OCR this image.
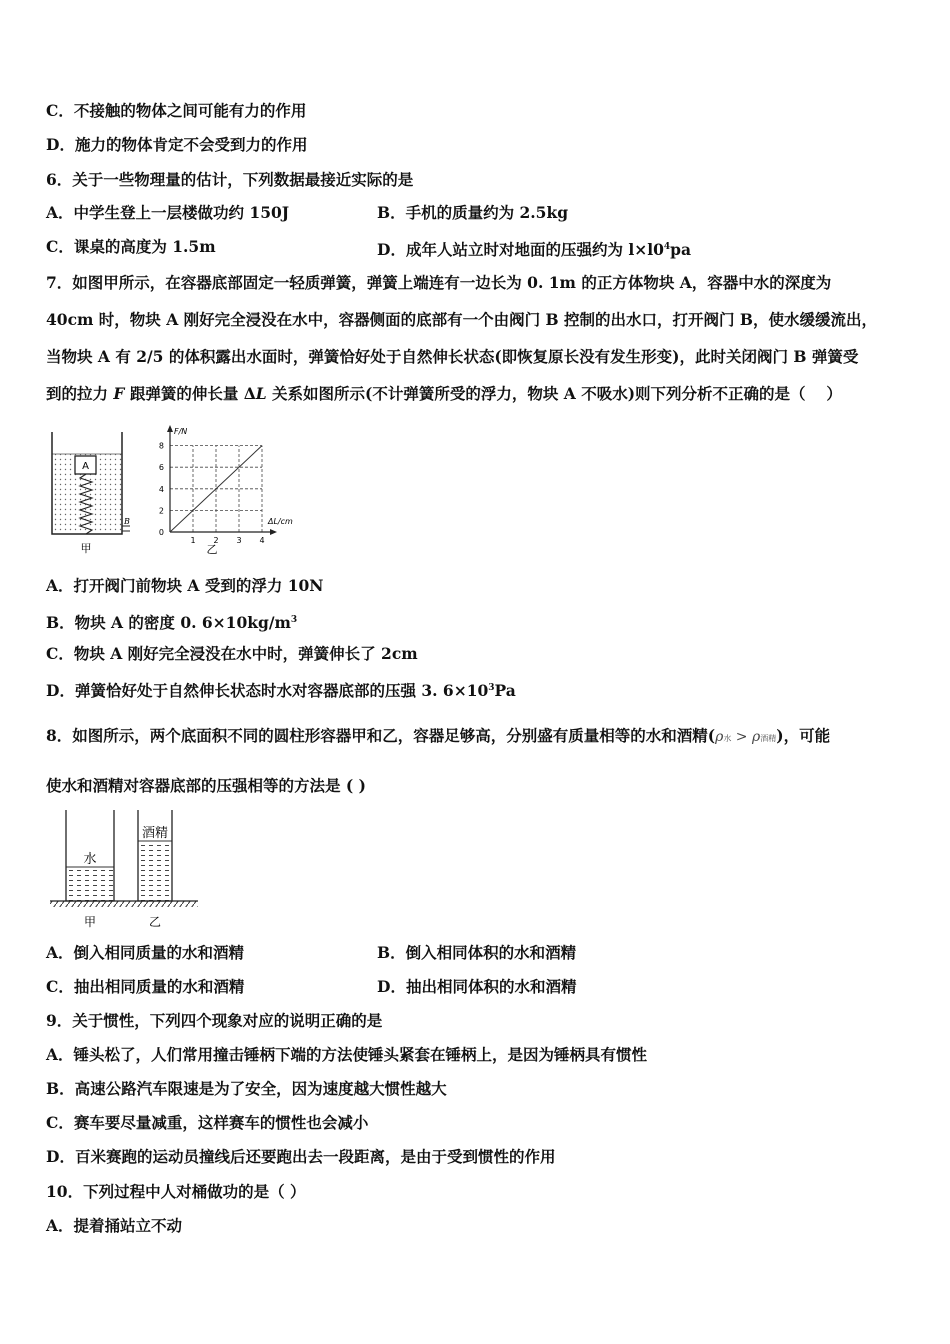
C．不接触的物体之间可能有力的作用
D．施力的物体肯定不会受到力的作用
6．关于一些物理量的估计，下列数据最接近实际的是
A．中学生登上一层楼做功约 150J	B．手机的质量约为 2.5kg
C．课桌的高度为 1.5m	D．成年人站立时对地面的压强约为 $l\times l0^4pa$
7．如图甲所示，在容器底部固定一轻质弹簧，弹簧上端连有一边长为 0. 1m 的正方体物块 A，容器中水的深度为
40cm 时，物块 A 刚好完全浸没在水中，容器侧面的底部有一个由阀门 B 控制的出水口，打开阀门 B，使水缓缓流出，
当物块 A 有 2/5 的体积露出水面时，弹簧恰好处于自然伸长状态(即恢复原长没有发生形变)，此时关闭阀门 B 弹簧受
到的拉力 F 跟弹簧的伸长量 ΔL 关系如图所示(不计弹簧所受的浮力，物块 A 不吸水)则下列分析不正确的是（　 ）
A
B
甲
F/N
ΔL/cm
0
2
4
6
8
1 2 3 4
乙
A．打开阀门前物块 A 受到的浮力 10N
B．物块 A 的密度 0. $6\times 10kg/m^3$
C．物块 A 刚好完全浸没在水中时，弹簧伸长了 2cm
D．弹簧恰好处于自然伸长状态时水对容器底部的压强 3. $6\times 10^3Pa$
8．如图所示，两个底面积不同的圆柱形容器甲和乙，容器足够高，分别盛有质量相等的水和酒精(ρ水 > ρ酒精)，可能
使水和酒精对容器底部的压强相等的方法是 ( )
水
酒精
甲	乙
A．倒入相同质量的水和酒精	B．倒入相同体积的水和酒精
C．抽出相同质量的水和酒精	D．抽出相同体积的水和酒精
9．关于惯性，下列四个现象对应的说明正确的是
A．锤头松了，人们常用撞击锤柄下端的方法使锤头紧套在锤柄上，是因为锤柄具有惯性
B．高速公路汽车限速是为了安全，因为速度越大惯性越大
C．赛车要尽量减重，这样赛车的惯性也会减小
D．百米赛跑的运动员撞线后还要跑出去一段距离，是由于受到惯性的作用
10．下列过程中人对桶做功的是（ ）
A．提着捅站立不动
